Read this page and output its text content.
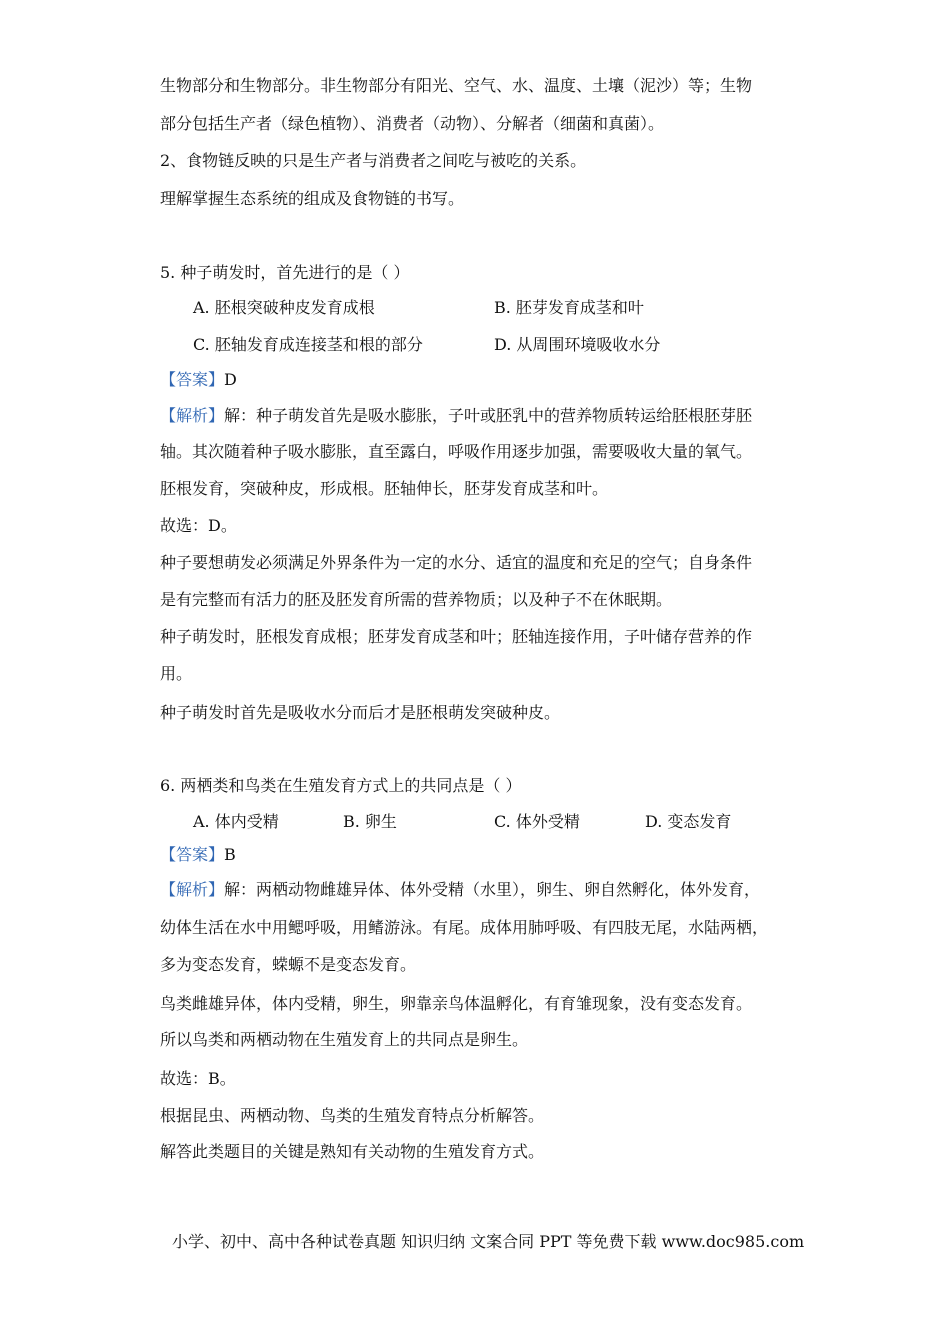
生物部分和生物部分。非生物部分有阳光、空气、水、温度、土壤（泥沙）等；生物
部分包括生产者（绿色植物）、消费者（动物）、分解者（细菌和真菌）。
2、食物链反映的只是生产者与消费者之间吃与被吃的关系。
理解掌握生态系统的组成及食物链的书写。
5. 种子萌发时，首先进行的是（ ）
A. 胚根突破种皮发育成根	B. 胚芽发育成茎和叶
C. 胚轴发育成连接茎和根的部分	D. 从周围环境吸收水分
【答案】D
【解析】解：种子萌发首先是吸水膨胀，子叶或胚乳中的营养物质转运给胚根胚芽胚
轴。其次随着种子吸水膨胀，直至露白，呼吸作用逐步加强，需要吸收大量的氧气。
胚根发育，突破种皮，形成根。胚轴伸长，胚芽发育成茎和叶。
故选：D。
种子要想萌发必须满足外界条件为一定的水分、适宜的温度和充足的空气；自身条件
是有完整而有活力的胚及胚发育所需的营养物质；以及种子不在休眠期。
种子萌发时，胚根发育成根；胚芽发育成茎和叶；胚轴连接作用，子叶储存营养的作
用。
种子萌发时首先是吸收水分而后才是胚根萌发突破种皮。
6. 两栖类和鸟类在生殖发育方式上的共同点是（ ）
A. 体内受精	B. 卵生	C. 体外受精	D. 变态发育
【答案】B
【解析】解：两栖动物雌雄异体、体外受精（水里），卵生、卵自然孵化，体外发育，
幼体生活在水中用鳃呼吸，用鳍游泳。有尾。成体用肺呼吸、有四肢无尾，水陆两栖，
多为变态发育，蝾螈不是变态发育。
鸟类雌雄异体，体内受精，卵生，卵靠亲鸟体温孵化，有育雏现象，没有变态发育。
所以鸟类和两栖动物在生殖发育上的共同点是卵生。
故选：B。
根据昆虫、两栖动物、鸟类的生殖发育特点分析解答。
解答此类题目的关键是熟知有关动物的生殖发育方式。
小学、初中、高中各种试卷真题 知识归纳 文案合同 PPT 等免费下载 www.doc985.com
